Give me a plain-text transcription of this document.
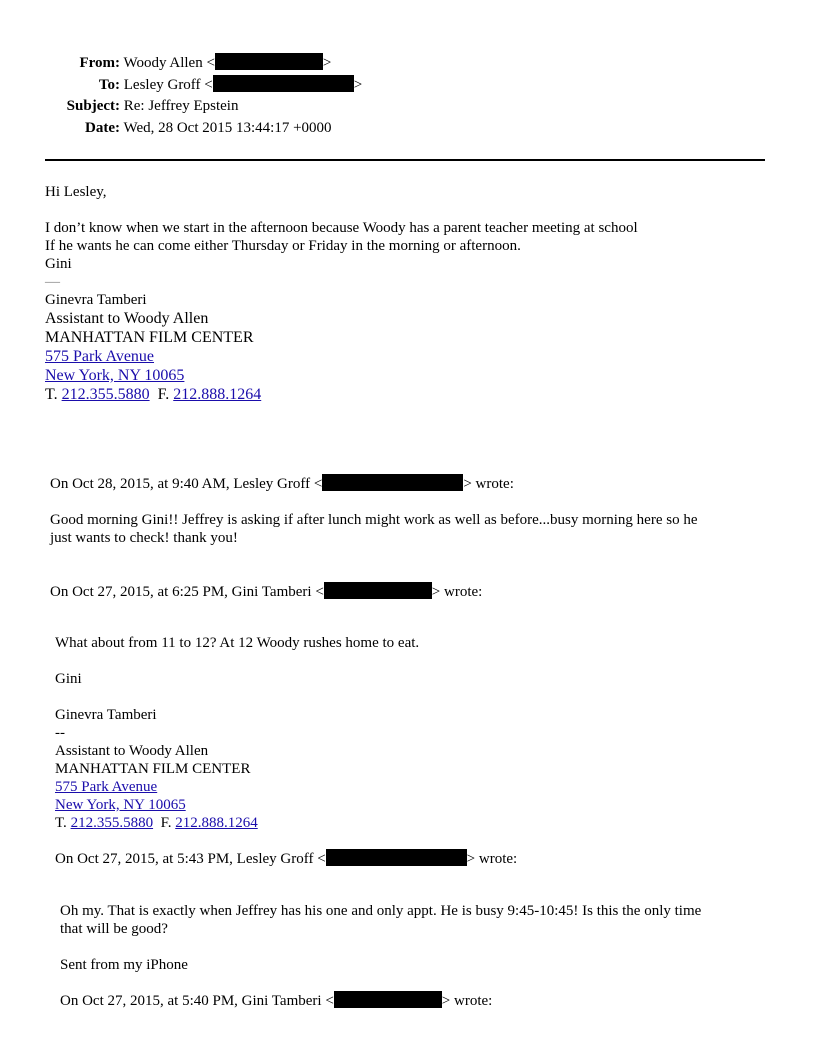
From: Woody Allen <	>
To: Lesley Groff <	>
Subject: Re: Jeffrey Epstein
Date: Wed, 28 Oct 2015 13:44:17 +0000
Hi Lesley,
I don’t know when we start in the afternoon because Woody has a parent teacher meeting at school
If he wants he can come either Thursday or Friday in the morning or afternoon.
Gini
—
Ginevra Tamberi
Assistant to Woody Allen
MANHATTAN FILM CENTER
575 Park Avenue
New York, NY 10065
T. 212.355.5880 F. 212.888.1264
On Oct 28, 2015, at 9:40 AM, Lesley Groff <	> wrote:
Good morning Gini!! Jeffrey is asking if after lunch might work as well as before...busy morning here so he
just wants to check! thank you!
On Oct 27, 2015, at 6:25 PM, Gini Tamberi <	> wrote:
What about from 11 to 12? At 12 Woody rushes home to eat.
Gini
Ginevra Tamberi
--
Assistant to Woody Allen
MANHATTAN FILM CENTER
575 Park Avenue
New York, NY 10065
T. 212.355.5880 F. 212.888.1264
On Oct 27, 2015, at 5:43 PM, Lesley Groff <	> wrote:
Oh my. That is exactly when Jeffrey has his one and only appt. He is busy 9:45-10:45! Is this the only time
that will be good?
Sent from my iPhone
On Oct 27, 2015, at 5:40 PM, Gini Tamberi <	> wrote:
